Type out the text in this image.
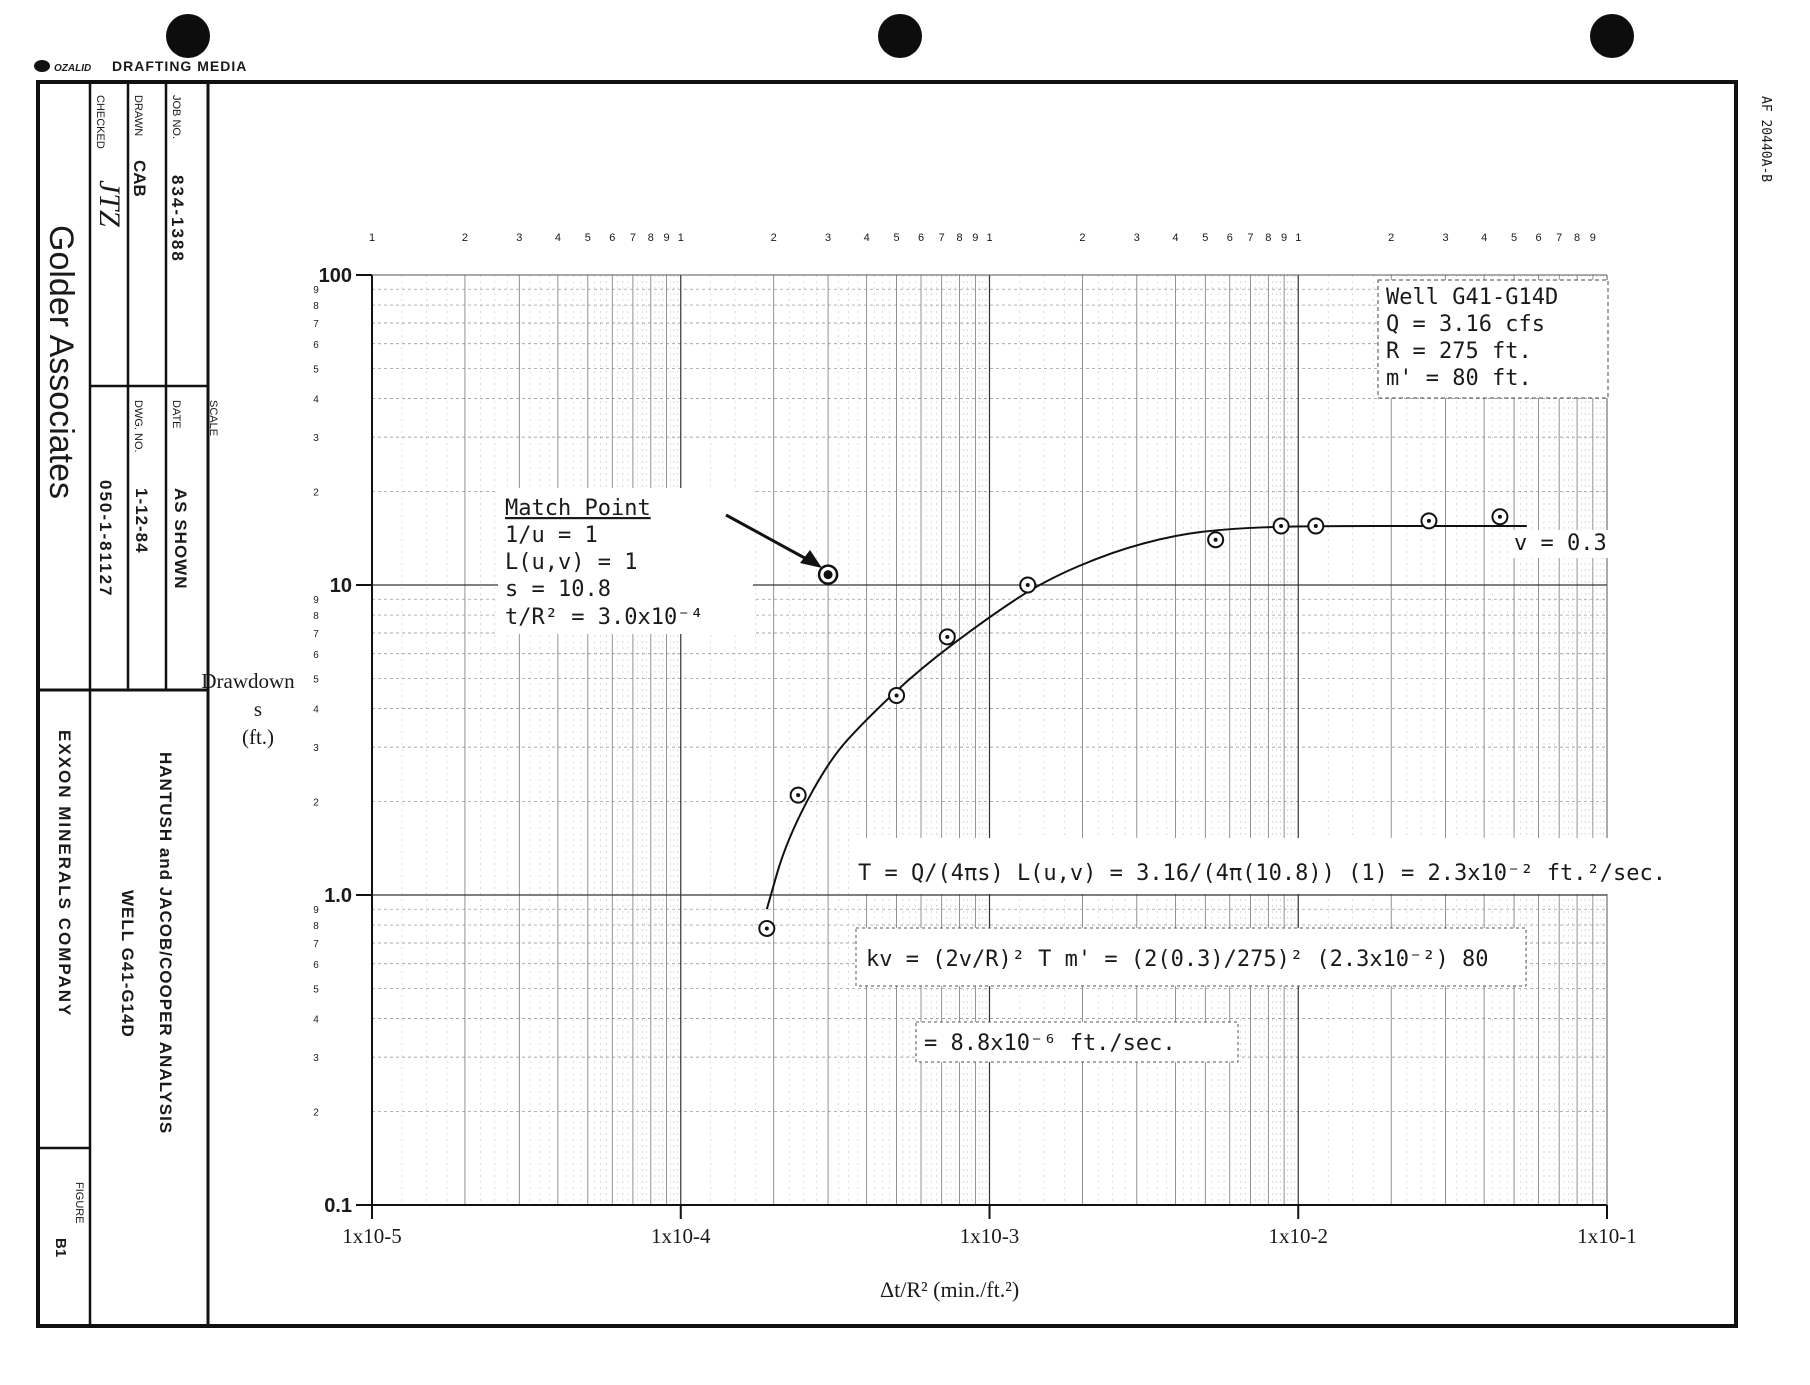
OZALID DRAFTING MEDIA
AF 20440A-B
Golder Associates
CHECKED
JTZ
DRAWN
CAB
JOB NO.
834-1388
DWG. NO.
050-1-81127
DATE
1-12-84
SCALE
AS SHOWN
EXXON MINERALS COMPANY	HANTUSH and JACOB/COOPER ANALYSIS
WELL G41-G14D
FIGURE
B1
1	2	3	4 5 6 7 8 9 1	2	3	4 5 6 7 8 9 1	2	3	4 5 6 7 8 9 1	2	3	4 5 6 7 8 9
2
3
4
5
6
7
8
9
2
3
4
5
6
7
8
9
2
3
4
5
6
7
8
9
1x10-5	1x10-4	1x10-3	1x10-2	1x10-1
100
10
1.0
0.1
Δt/R² (min./ft.²)
Drawdown
s
(ft.)
Well G41-G14D
Q = 3.16 cfs
R = 275 ft.
m' = 80 ft.
Match Point
1/u = 1
L(u,v) = 1
s = 10.8
t/R² = 3.0x10⁻⁴
T = Q/(4πs) L(u,v) = 3.16/(4π(10.8)) (1) = 2.3x10⁻² ft.²/sec.
kv = (2v/R)² T m' = (2(0.3)/275)² (2.3x10⁻²) 80
= 8.8x10⁻⁶ ft./sec.
v = 0.3
